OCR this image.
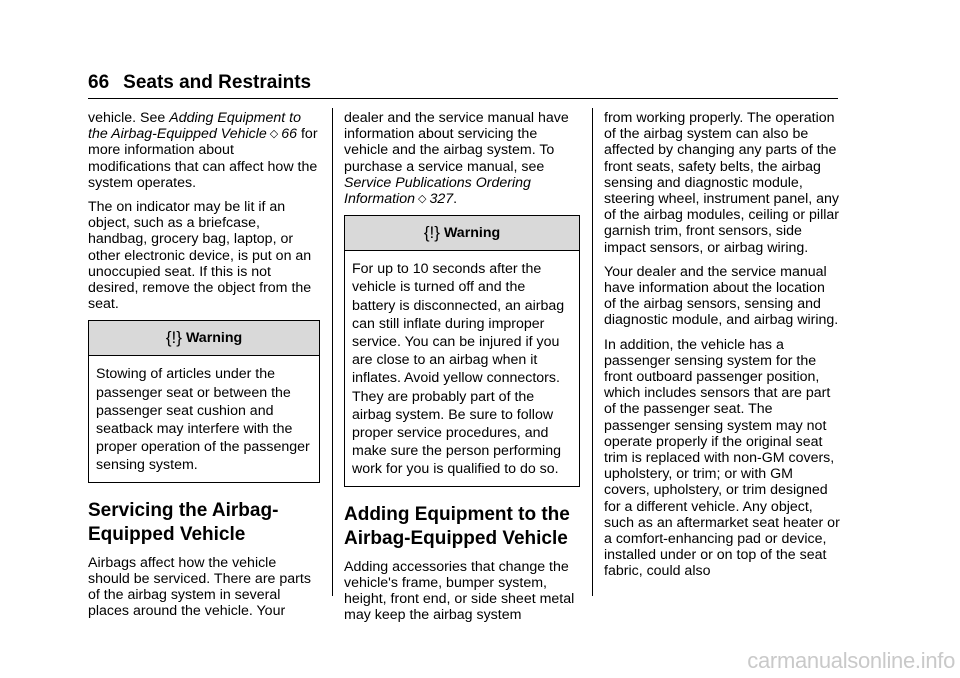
66 Seats and Restraints

vehicle. See Adding Equipment to the Airbag-Equipped Vehicle ◇ 66 for more information about modifications that can affect how the system operates.

The on indicator may be lit if an object, such as a briefcase, handbag, grocery bag, laptop, or other electronic device, is put on an unoccupied seat. If this is not desired, remove the object from the seat.

{!} Warning
Stowing of articles under the passenger seat or between the passenger seat cushion and seatback may interfere with the proper operation of the passenger sensing system.
Servicing the Airbag-Equipped Vehicle

Airbags affect how the vehicle should be serviced. There are parts of the airbag system in several places around the vehicle. Your

dealer and the service manual have information about servicing the vehicle and the airbag system. To purchase a service manual, see Service Publications Ordering Information ◇ 327.

{!} Warning
For up to 10 seconds after the vehicle is turned off and the battery is disconnected, an airbag can still inflate during improper service. You can be injured if you are close to an airbag when it inflates. Avoid yellow connectors. They are probably part of the airbag system. Be sure to follow proper service procedures, and make sure the person performing work for you is qualified to do so.
Adding Equipment to the Airbag-Equipped Vehicle

Adding accessories that change the vehicle's frame, bumper system, height, front end, or side sheet metal may keep the airbag system

from working properly. The operation of the airbag system can also be affected by changing any parts of the front seats, safety belts, the airbag sensing and diagnostic module, steering wheel, instrument panel, any of the airbag modules, ceiling or pillar garnish trim, front sensors, side impact sensors, or airbag wiring.

Your dealer and the service manual have information about the location of the airbag sensors, sensing and diagnostic module, and airbag wiring.

In addition, the vehicle has a passenger sensing system for the front outboard passenger position, which includes sensors that are part of the passenger seat. The passenger sensing system may not operate properly if the original seat trim is replaced with non-GM covers, upholstery, or trim; or with GM covers, upholstery, or trim designed for a different vehicle. Any object, such as an aftermarket seat heater or a comfort-enhancing pad or device, installed under or on top of the seat fabric, could also

carmanualsonline.info
